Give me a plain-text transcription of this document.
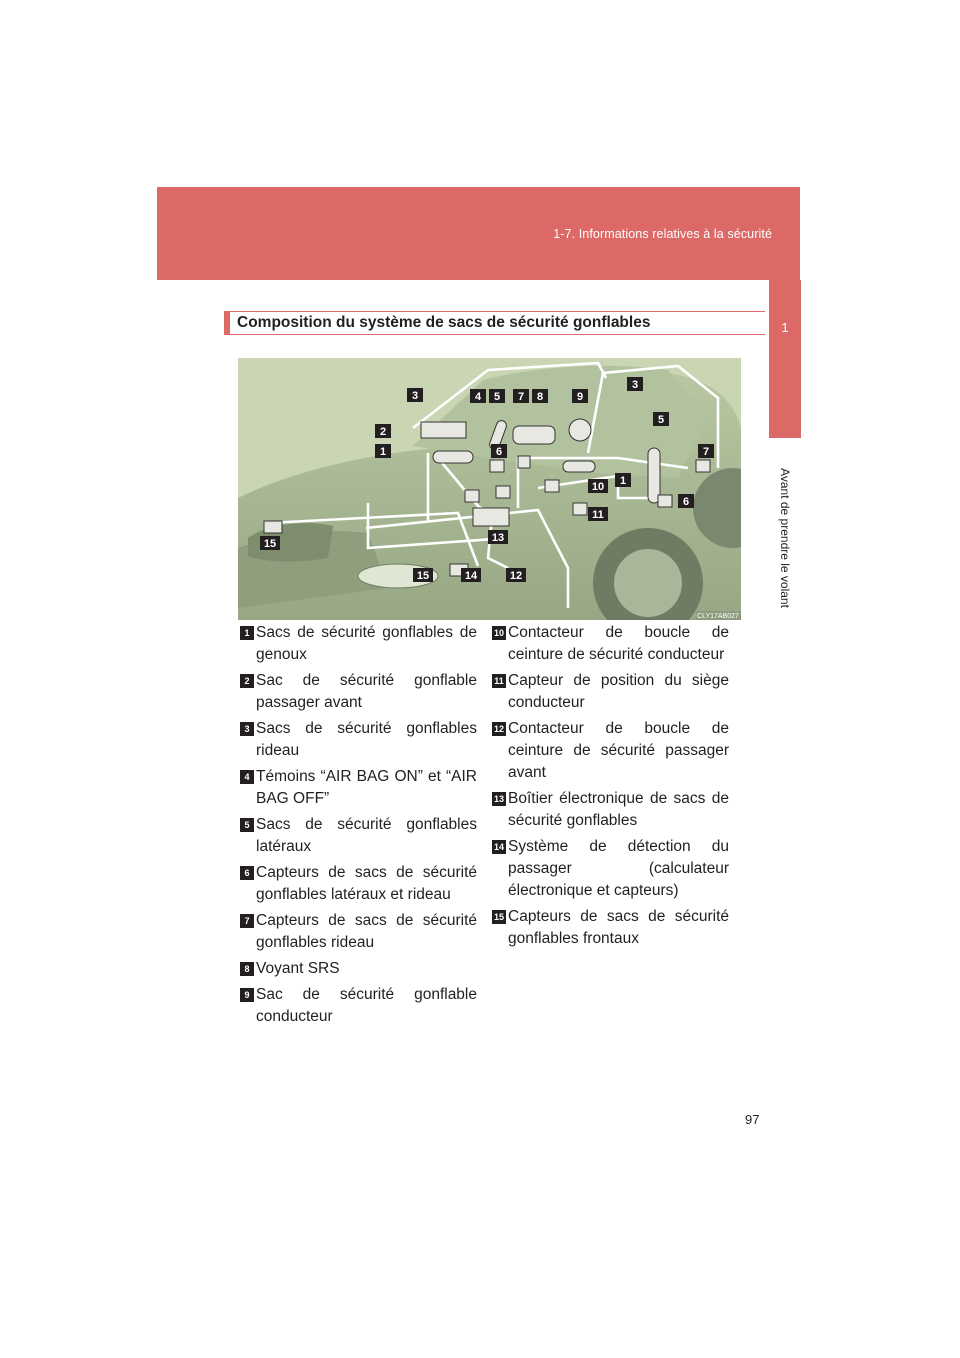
1-7. Informations relatives à la sécurité
1
Avant de prendre le volant
Composition du système de sacs de sécurité gonflables
1
2
3	4 5 7 8	9
6
10
11
13
14
15	12
3
5
7
1
6
15
CLY17AB027
1 Sacs de sécurité gonflables de genoux
2 Sac de sécurité gonflable passager avant
3 Sacs de sécurité gonflables rideau
4 Témoins “AIR BAG ON” et “AIR BAG OFF”
5 Sacs de sécurité gonflables latéraux
6 Capteurs de sacs de sécurité gonflables latéraux et rideau
7 Capteurs de sacs de sécurité gonflables rideau
8 Voyant SRS
9 Sac de sécurité gonflable conducteur
10 Contacteur de boucle de ceinture de sécurité conducteur
11 Capteur de position du siège conducteur
12 Contacteur de boucle de ceinture de sécurité passager avant
13 Boîtier électronique de sacs de sécurité gonflables
14 Système de détection du passager (calculateur électronique et capteurs)
15 Capteurs de sacs de sécurité gonflables frontaux
97
